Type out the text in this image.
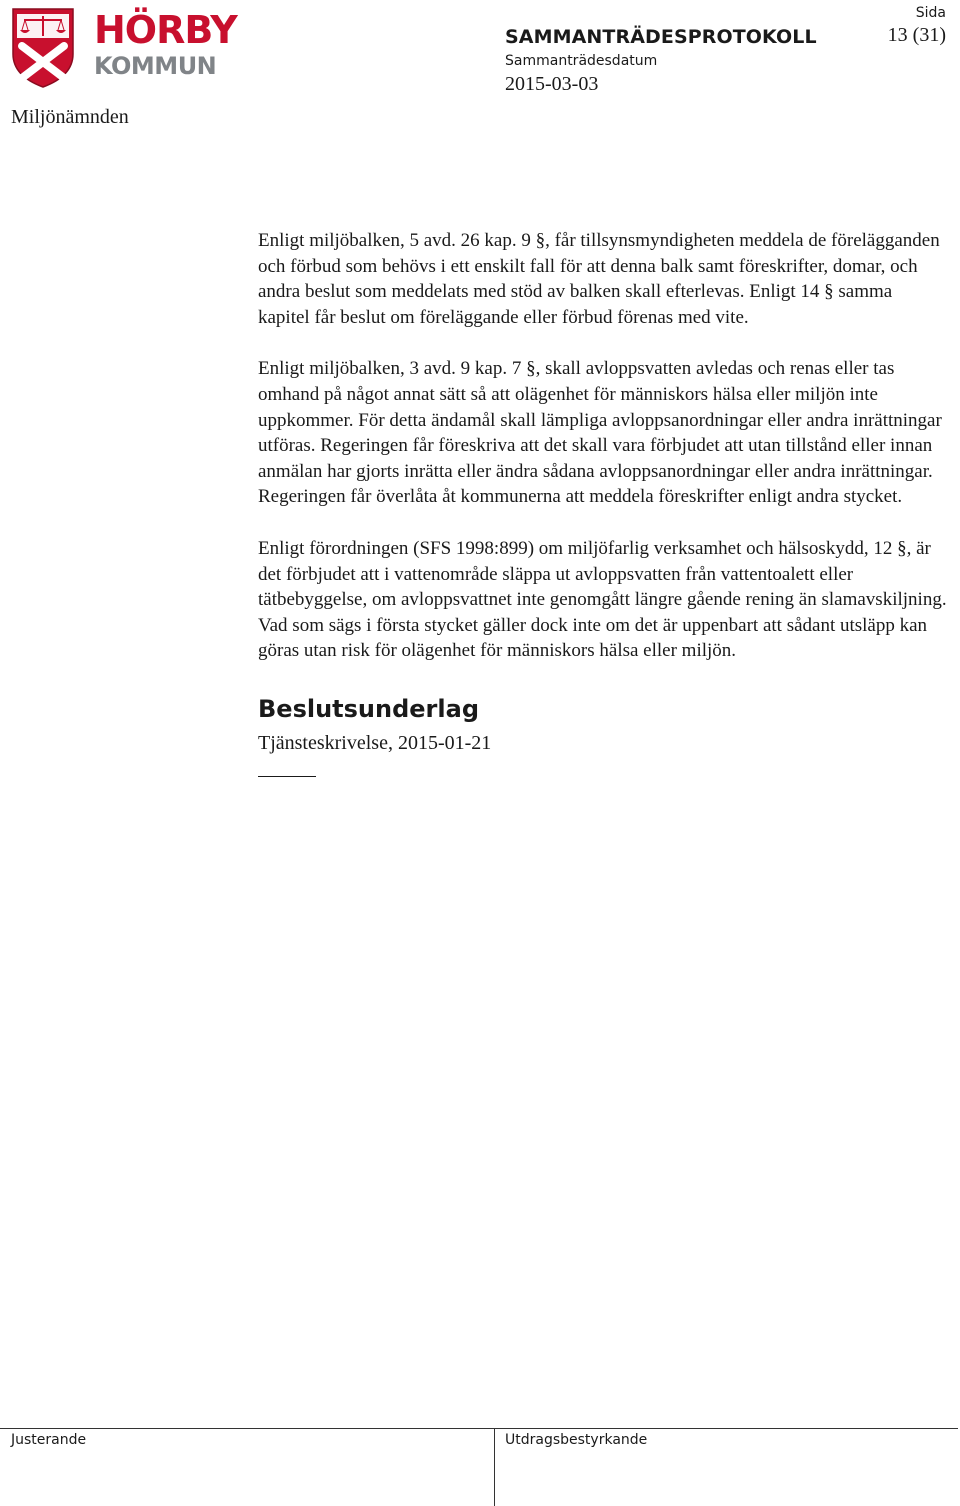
HÖRBY
KOMMUN
Miljönämnden
SAMMANTRÄDESPROTOKOLL
Sammanträdesdatum
2015-03-03
Sida
13 (31)

Enligt miljöbalken, 5 avd. 26 kap. 9 §, får tillsynsmyndigheten meddela de förelägganden och förbud som behövs i ett enskilt fall för att denna balk samt föreskrifter, domar, och andra beslut som meddelats med stöd av balken skall efterlevas. Enligt 14 § samma kapitel får beslut om föreläggande eller förbud förenas med vite.

Enligt miljöbalken, 3 avd. 9 kap. 7 §, skall avloppsvatten avledas och renas eller tas omhand på något annat sätt så att olägenhet för människors hälsa eller miljön inte uppkommer. För detta ändamål skall lämpliga avloppsanordningar eller andra inrättningar utföras. Regeringen får föreskriva att det skall vara förbjudet att utan tillstånd eller innan anmälan har gjorts inrätta eller ändra sådana avloppsanordningar eller andra inrättningar. Regeringen får överlåta åt kommunerna att meddela föreskrifter enligt andra stycket.

Enligt förordningen (SFS 1998:899) om miljöfarlig verksamhet och hälsoskydd, 12 §, är det förbjudet att i vattenområde släppa ut avloppsvatten från vattentoalett eller tätbebyggelse, om avloppsvattnet inte genomgått längre gående rening än slamavskiljning. Vad som sägs i första stycket gäller dock inte om det är uppenbart att sådant utsläpp kan göras utan risk för olägenhet för människors hälsa eller miljön.

Beslutsunderlag

Tjänsteskrivelse, 2015-01-21

Justerande	Utdragsbestyrkande
